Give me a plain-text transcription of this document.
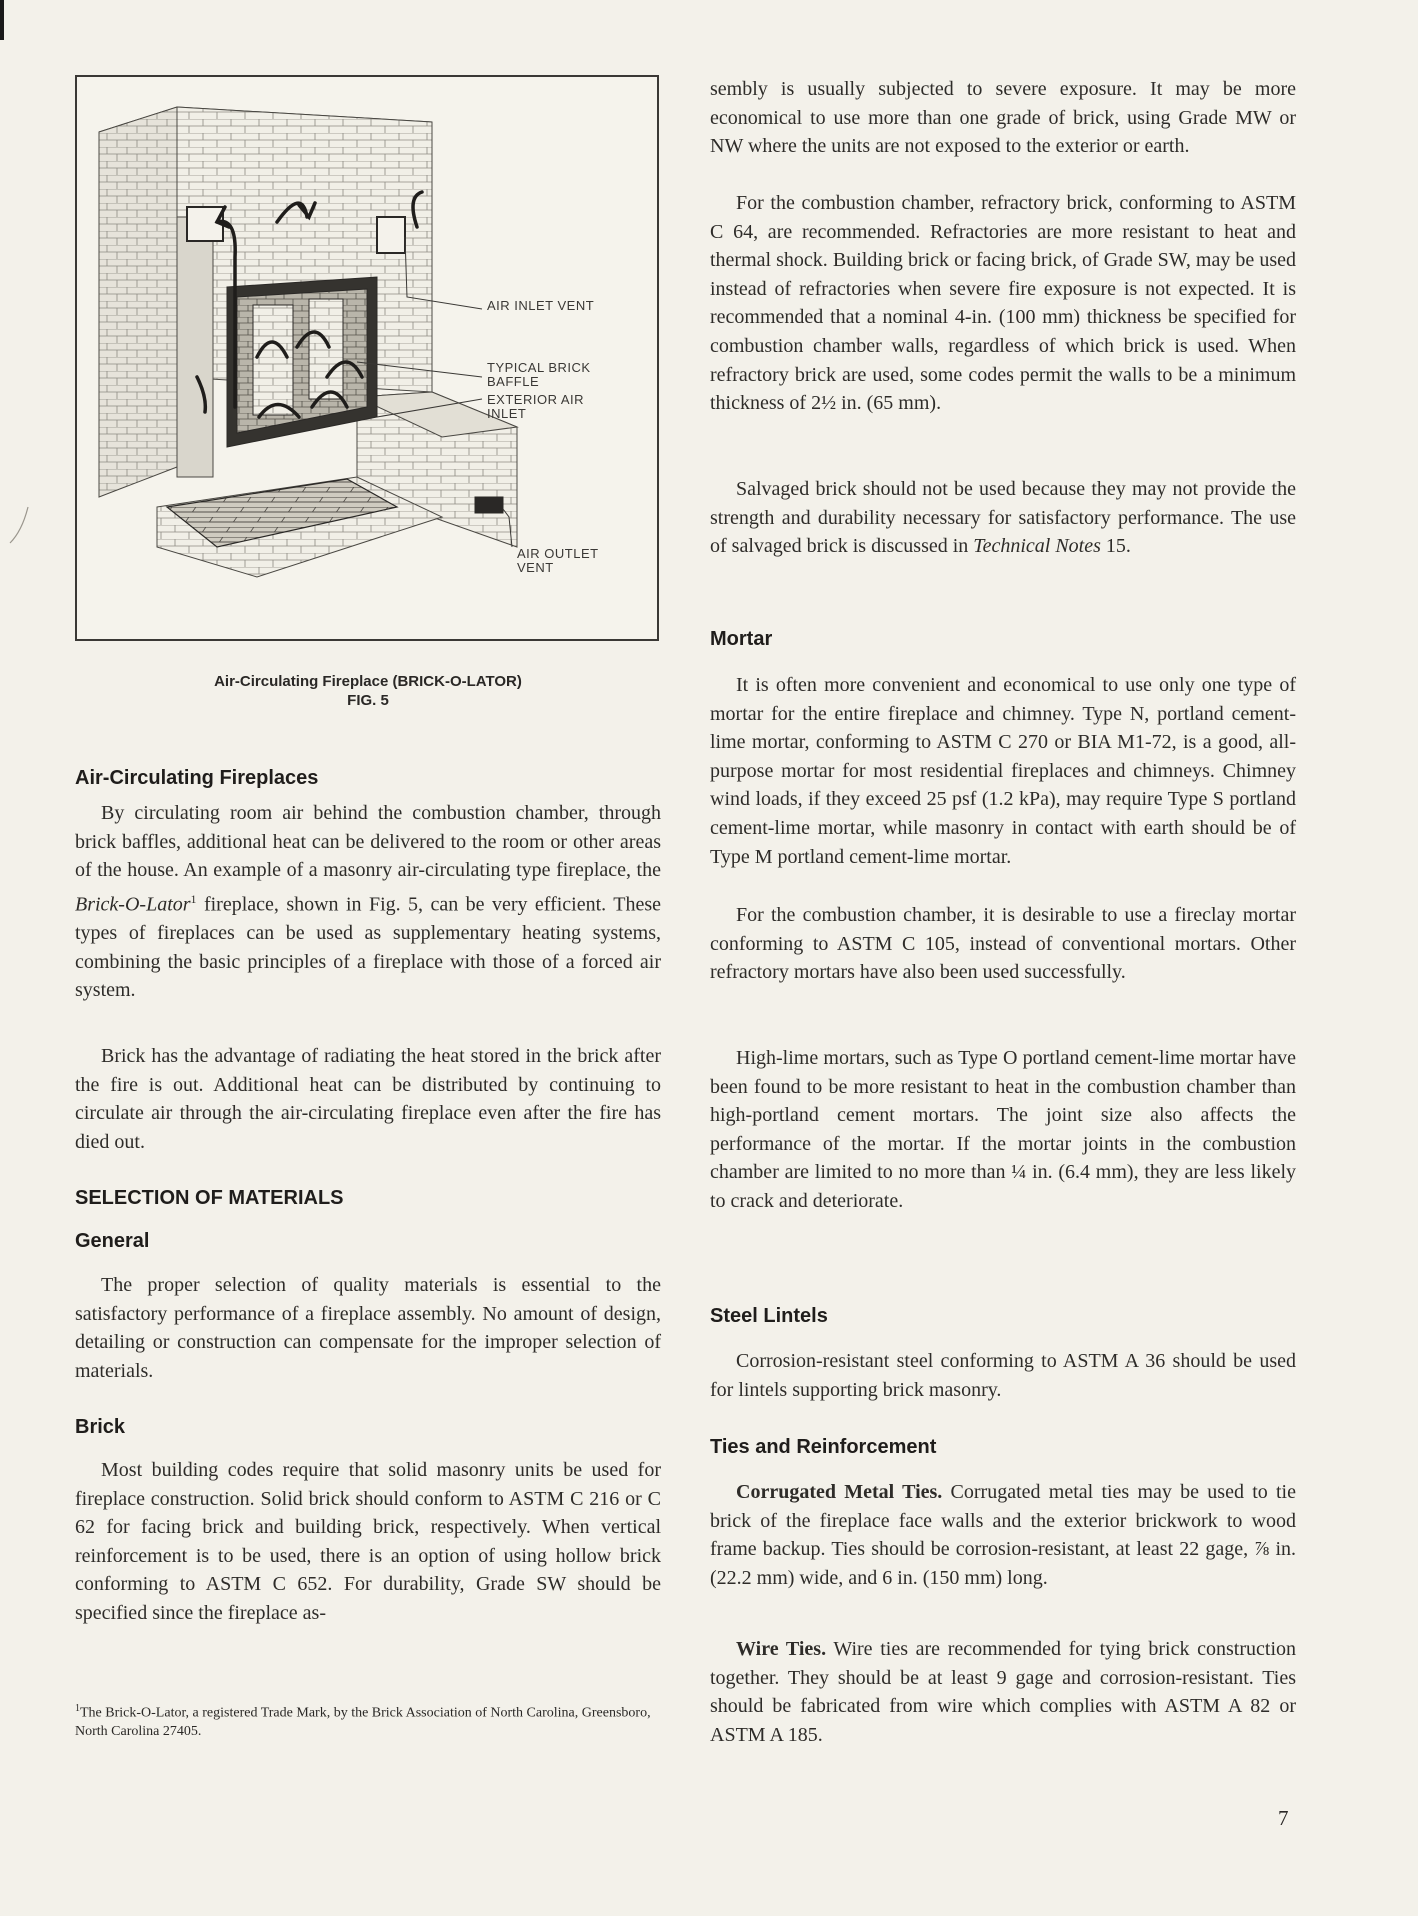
AIR INLET VENT
TYPICAL BRICK BAFFLE
EXTERIOR AIR INLET
AIR OUTLET VENT
Air-Circulating Fireplace (BRICK-O-LATOR)
FIG. 5
Air-Circulating Fireplaces

By circulating room air behind the combustion chamber, through brick baffles, additional heat can be delivered to the room or other areas of the house. An example of a masonry air-circulating type fireplace, the Brick-O-Lator$^1$ fireplace, shown in Fig. 5, can be very efficient. These types of fireplaces can be used as supplementary heating systems, combining the basic principles of a fireplace with those of a forced air system.

Brick has the advantage of radiating the heat stored in the brick after the fire is out. Additional heat can be distributed by continuing to circulate air through the air-circulating fireplace even after the fire has died out.

SELECTION OF MATERIALS
General

The proper selection of quality materials is essential to the satisfactory performance of a fireplace assembly. No amount of design, detailing or construction can compensate for the improper selection of materials.

Brick

Most building codes require that solid masonry units be used for fireplace construction. Solid brick should conform to ASTM C 216 or C 62 for facing brick and building brick, respectively. When vertical reinforcement is to be used, there is an option of using hollow brick conforming to ASTM C 652. For durability, Grade SW should be specified since the fireplace as-

$^1$The Brick-O-Lator, a registered Trade Mark, by the Brick Association of North Carolina, Greensboro, North Carolina 27405.

sembly is usually subjected to severe exposure. It may be more economical to use more than one grade of brick, using Grade MW or NW where the units are not exposed to the exterior or earth.

For the combustion chamber, refractory brick, conforming to ASTM C 64, are recommended. Refractories are more resistant to heat and thermal shock. Building brick or facing brick, of Grade SW, may be used instead of refractories when severe fire exposure is not expected. It is recommended that a nominal 4-in. (100 mm) thickness be specified for combustion chamber walls, regardless of which brick is used. When refractory brick are used, some codes permit the walls to be a minimum thickness of 2½ in. (65 mm).

Salvaged brick should not be used because they may not provide the strength and durability necessary for satisfactory performance. The use of salvaged brick is discussed in Technical Notes 15.

Mortar

It is often more convenient and economical to use only one type of mortar for the entire fireplace and chimney. Type N, portland cement-lime mortar, conforming to ASTM C 270 or BIA M1-72, is a good, all-purpose mortar for most residential fireplaces and chimneys. Chimney wind loads, if they exceed 25 psf (1.2 kPa), may require Type S portland cement-lime mortar, while masonry in contact with earth should be of Type M portland cement-lime mortar.

For the combustion chamber, it is desirable to use a fireclay mortar conforming to ASTM C 105, instead of conventional mortars. Other refractory mortars have also been used successfully.

High-lime mortars, such as Type O portland cement-lime mortar have been found to be more resistant to heat in the combustion chamber than high-portland cement mortars. The joint size also affects the performance of the mortar. If the mortar joints in the combustion chamber are limited to no more than ¼ in. (6.4 mm), they are less likely to crack and deteriorate.

Steel Lintels

Corrosion-resistant steel conforming to ASTM A 36 should be used for lintels supporting brick masonry.

Ties and Reinforcement

Corrugated Metal Ties. Corrugated metal ties may be used to tie brick of the fireplace face walls and the exterior brickwork to wood frame backup. Ties should be corrosion-resistant, at least 22 gage, ⅞ in. (22.2 mm) wide, and 6 in. (150 mm) long.

Wire Ties. Wire ties are recommended for tying brick construction together. They should be at least 9 gage and corrosion-resistant. Ties should be fabricated from wire which complies with ASTM A 82 or ASTM A 185.

7
